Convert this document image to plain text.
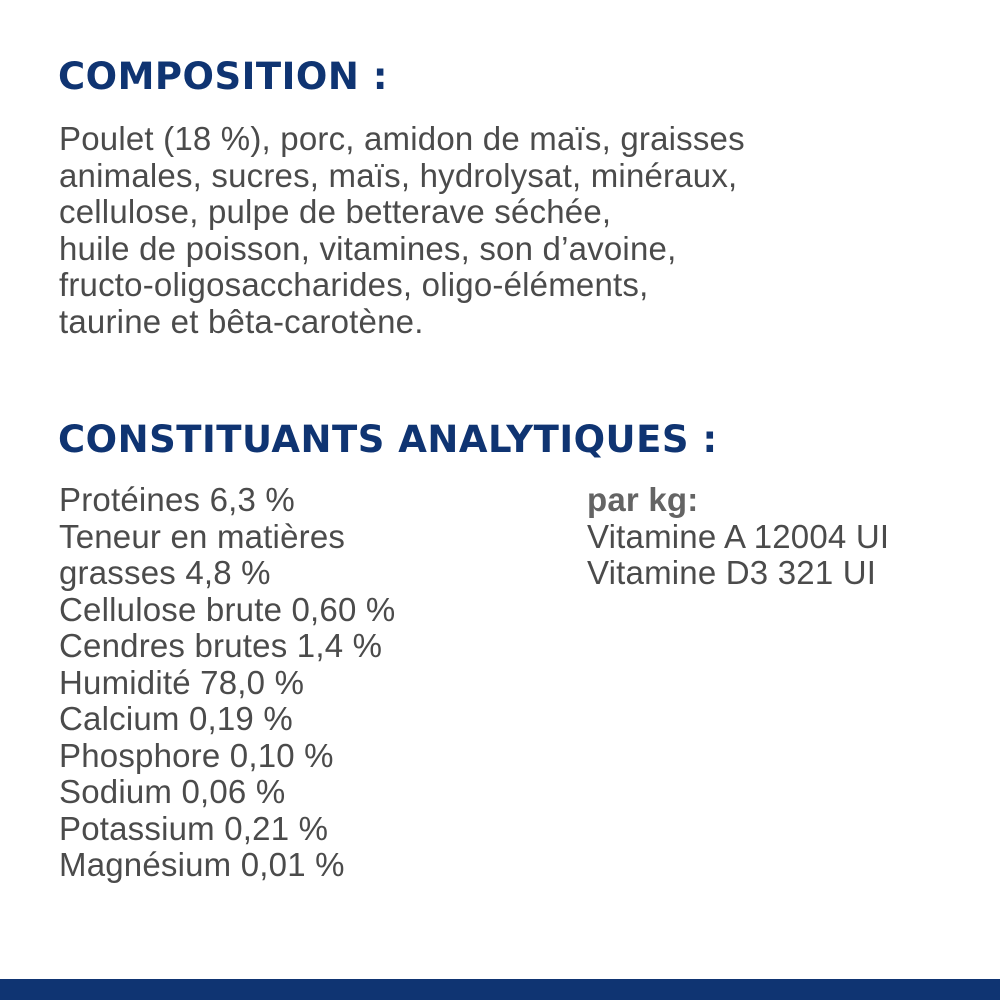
COMPOSITION :
Poulet (18 %), porc, amidon de maïs, graisses
animales, sucres, maïs, hydrolysat, minéraux,
cellulose, pulpe de betterave séchée,
huile de poisson, vitamines, son d’avoine,
fructo-oligosaccharides, oligo-éléments,
taurine et bêta-carotène.
CONSTITUANTS ANALYTIQUES :
Protéines 6,3 %
Teneur en matières
grasses 4,8 %
Cellulose brute 0,60 %
Cendres brutes 1,4 %
Humidité 78,0 %
Calcium 0,19 %
Phosphore 0,10 %
Sodium 0,06 %
Potassium 0,21 %
Magnésium 0,01 %
par kg:
Vitamine A 12004 UI
Vitamine D3 321 UI
